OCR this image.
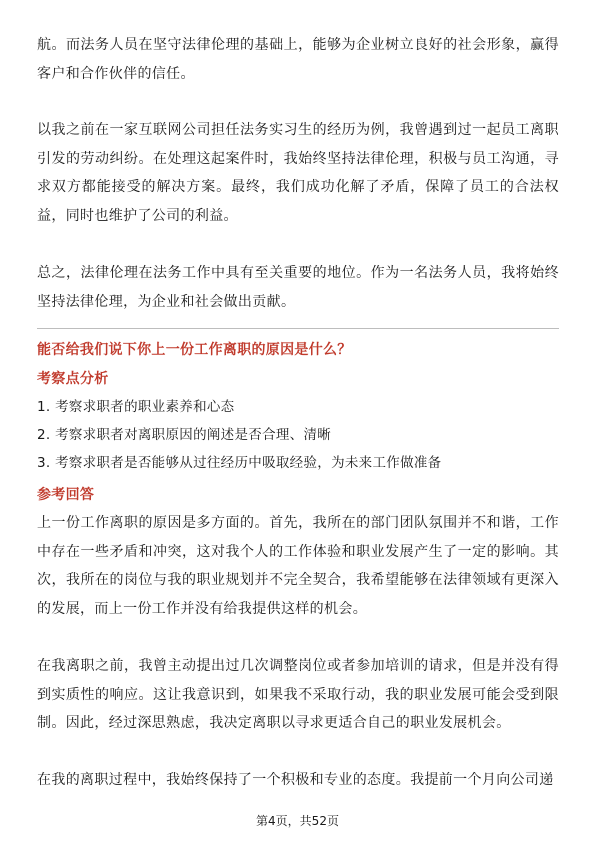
航。而法务人员在坚守法律伦理的基础上，能够为企业树立良好的社会形象，赢得客户和合作伙伴的信任。

以我之前在一家互联网公司担任法务实习生的经历为例，我曾遇到过一起员工离职引发的劳动纠纷。在处理这起案件时，我始终坚持法律伦理，积极与员工沟通，寻求双方都能接受的解决方案。最终，我们成功化解了矛盾，保障了员工的合法权益，同时也维护了公司的利益。

总之，法律伦理在法务工作中具有至关重要的地位。作为一名法务人员，我将始终坚持法律伦理，为企业和社会做出贡献。

能否给我们说下你上一份工作离职的原因是什么？

考察点分析

1. 考察求职者的职业素养和心态

2. 考察求职者对离职原因的阐述是否合理、清晰

3. 考察求职者是否能够从过往经历中吸取经验，为未来工作做准备

参考回答

上一份工作离职的原因是多方面的。首先，我所在的部门团队氛围并不和谐，工作中存在一些矛盾和冲突，这对我个人的工作体验和职业发展产生了一定的影响。其次，我所在的岗位与我的职业规划并不完全契合，我希望能够在法律领域有更深入的发展，而上一份工作并没有给我提供这样的机会。

在我离职之前，我曾主动提出过几次调整岗位或者参加培训的请求，但是并没有得到实质性的响应。这让我意识到，如果我不采取行动，我的职业发展可能会受到限制。因此，经过深思熟虑，我决定离职以寻求更适合自己的职业发展机会。

在我的离职过程中，我始终保持了一个积极和专业的态度。我提前一个月向公司递

第4页，共52页
